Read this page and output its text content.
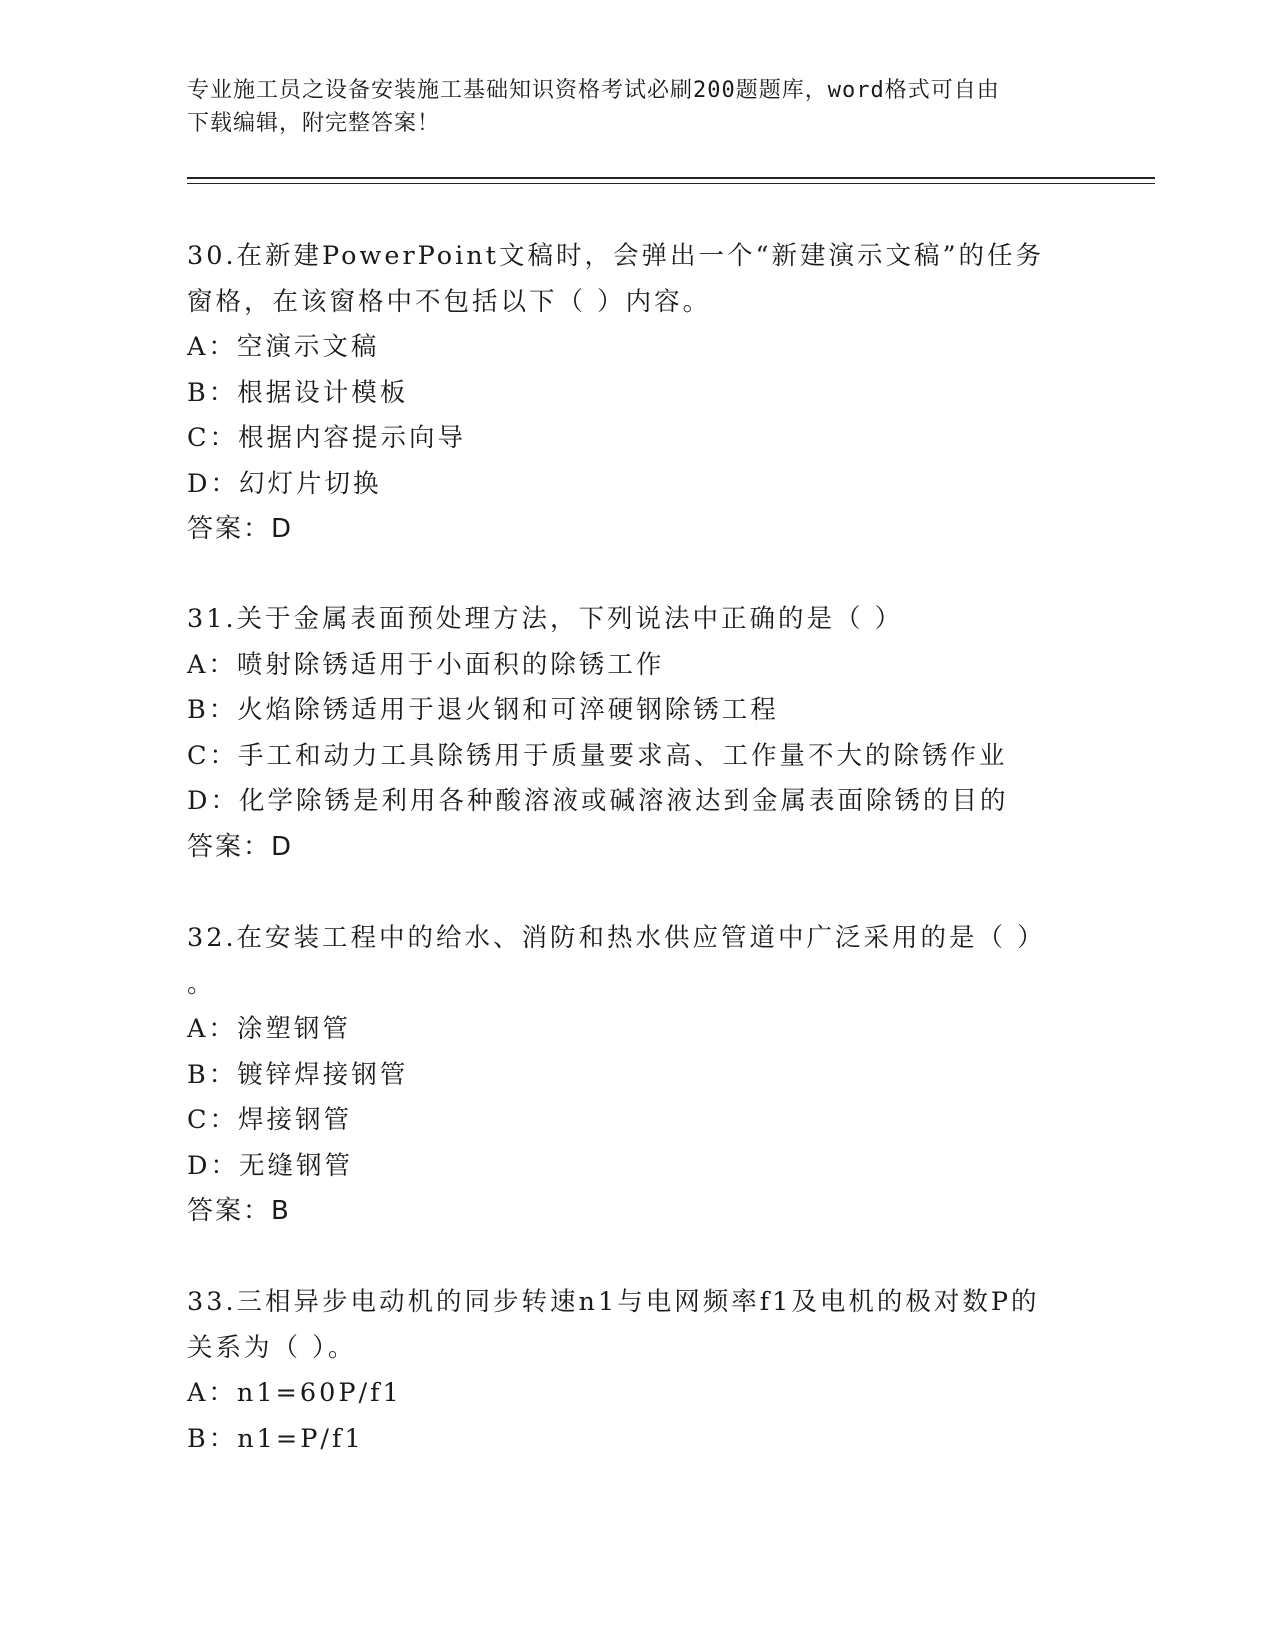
专业施工员之设备安装施工基础知识资格考试必刷200题题库，word格式可自由
下载编辑，附完整答案！
30.在新建PowerPoint文稿时，会弹出一个“新建演示文稿”的任务
窗格，在该窗格中不包括以下（ ）内容。
A：空演示文稿
B：根据设计模板
C：根据内容提示向导
D：幻灯片切换
答案：D
31.关于金属表面预处理方法，下列说法中正确的是（ ）
A：喷射除锈适用于小面积的除锈工作
B：火焰除锈适用于退火钢和可淬硬钢除锈工程
C：手工和动力工具除锈用于质量要求高、工作量不大的除锈作业
D：化学除锈是利用各种酸溶液或碱溶液达到金属表面除锈的目的
答案：D
32.在安装工程中的给水、消防和热水供应管道中广泛采用的是（ ）
。
A：涂塑钢管
B：镀锌焊接钢管
C：焊接钢管
D：无缝钢管
答案：B
33.三相异步电动机的同步转速n1与电网频率f1及电机的极对数P的
关系为（ ）。
A：n1=60P/f1
B：n1=P/f1
